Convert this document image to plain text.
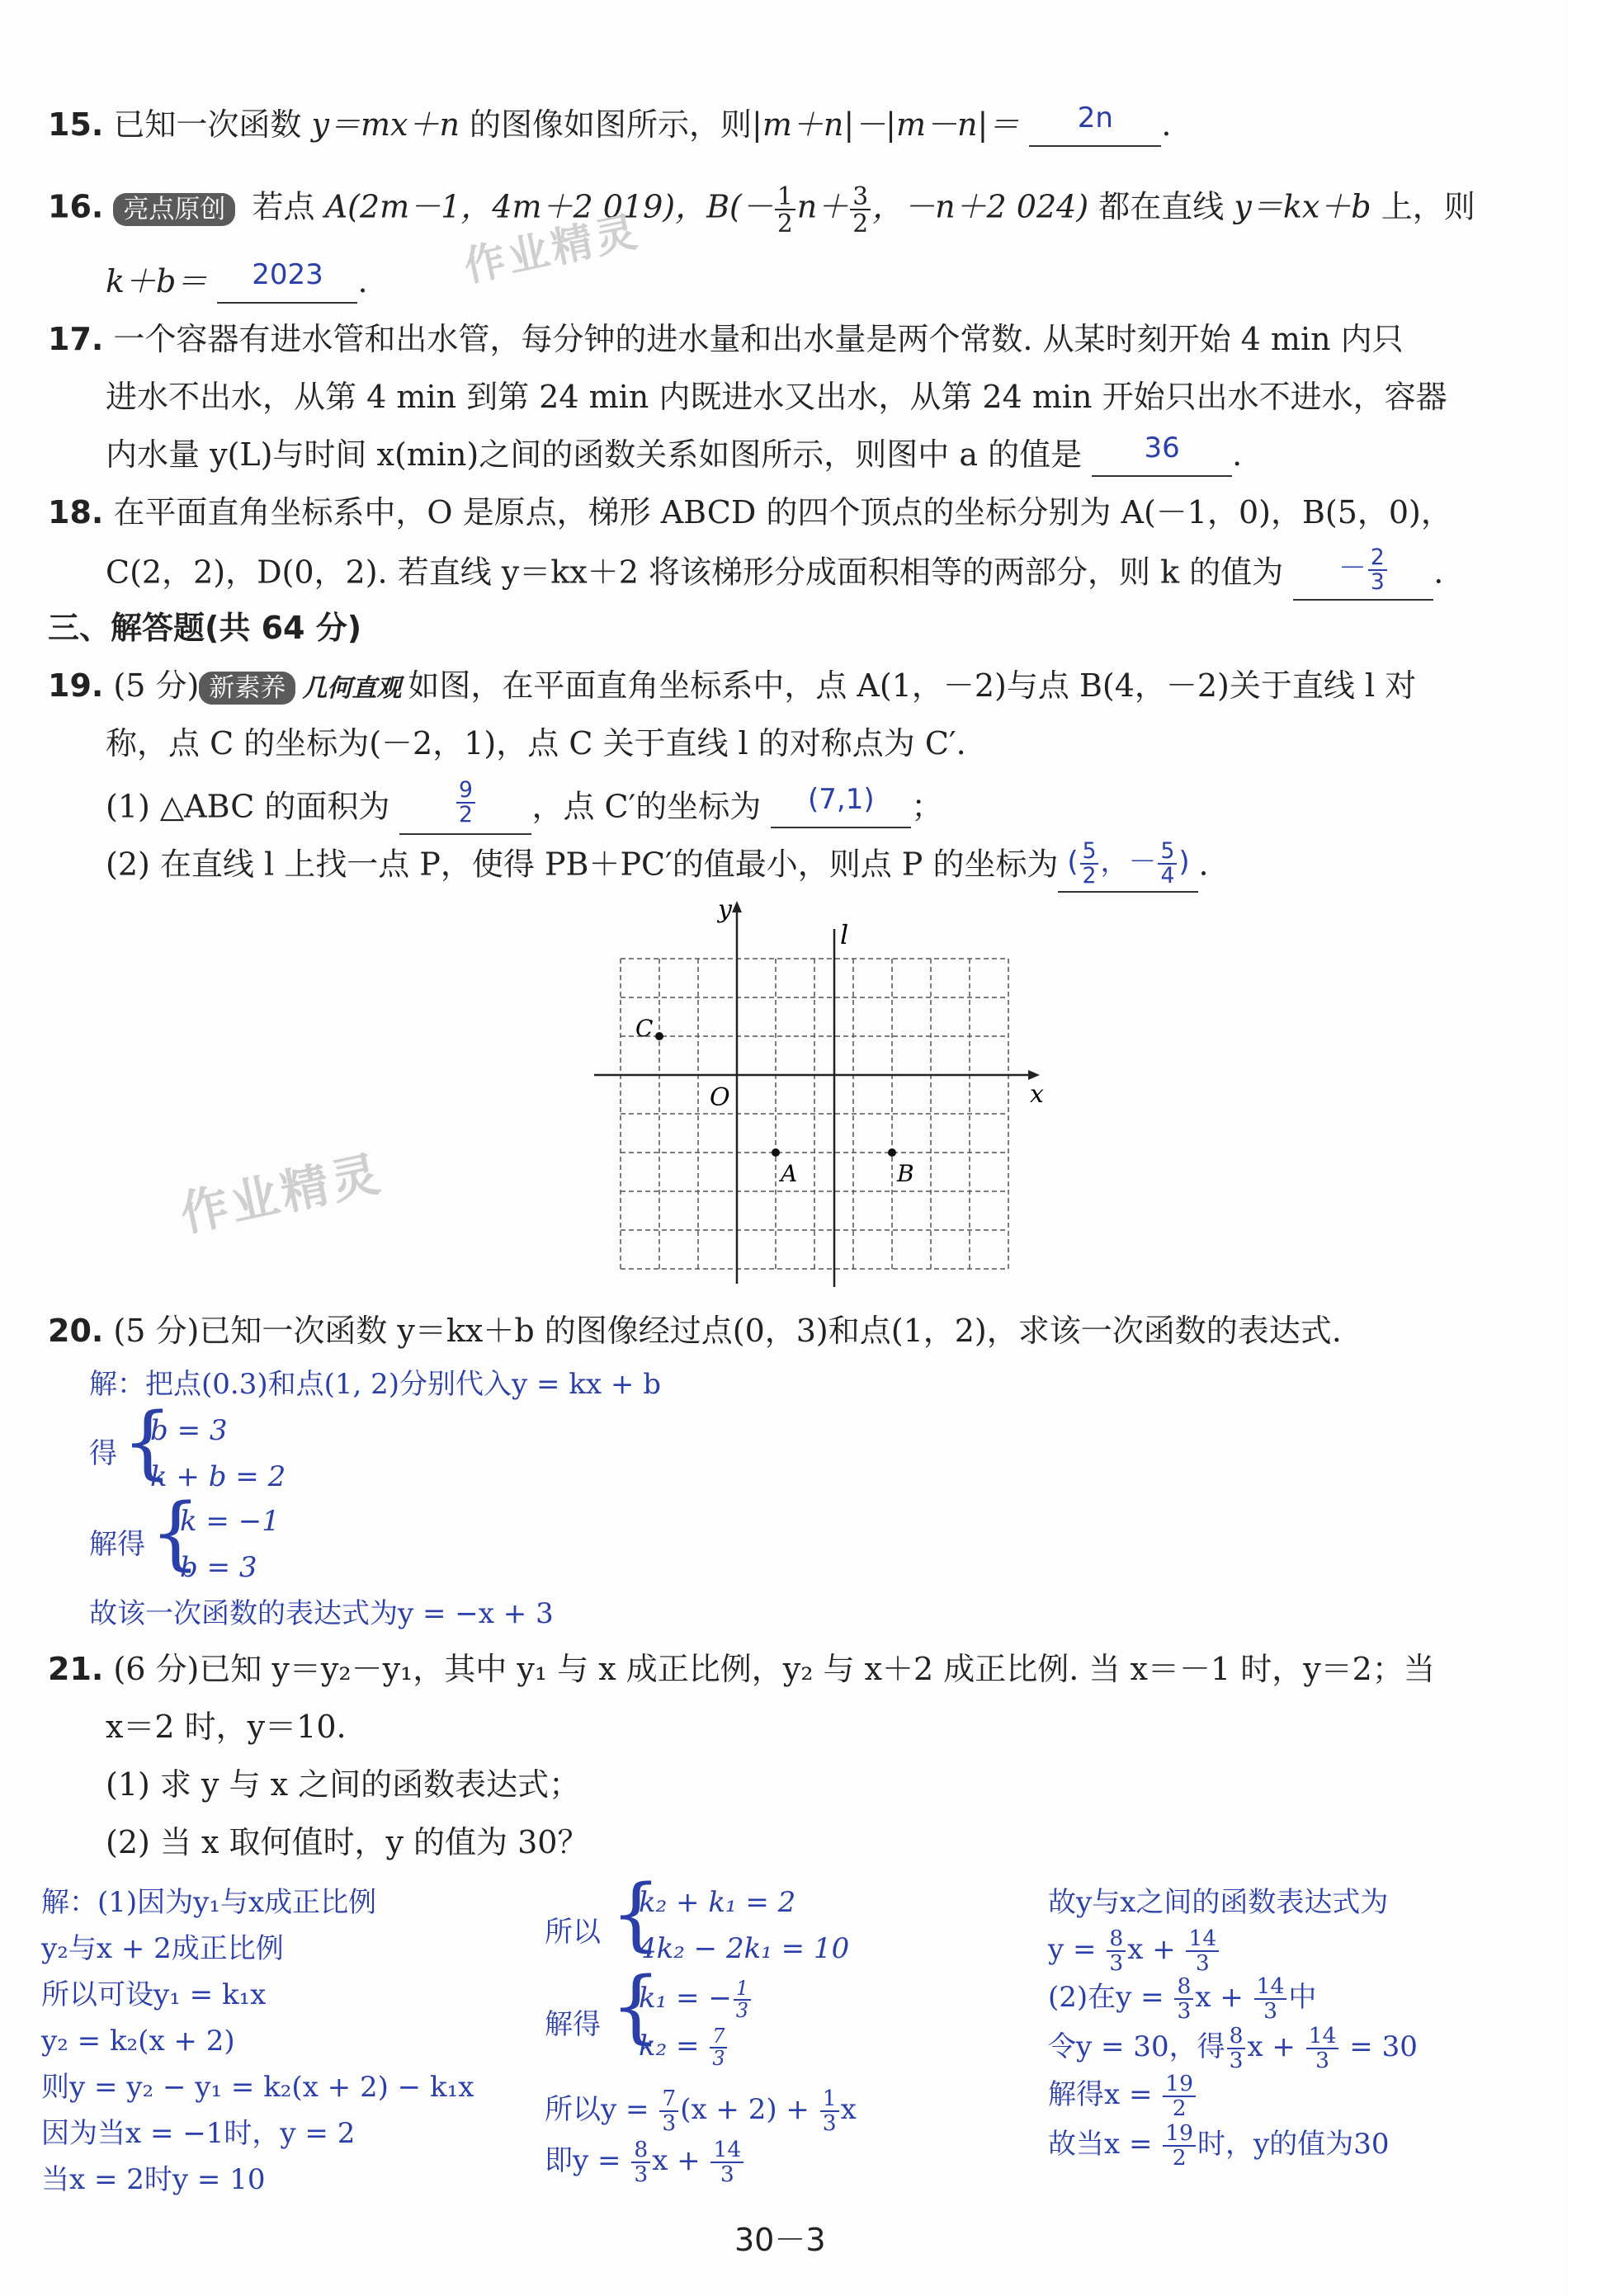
15. 已知一次函数 y＝mx＋n 的图像如图所示，则|m＋n|－|m－n|＝ 2n .
16. 亮点原创 若点 A(2m－1，4m＋2 019)，$B(- \frac{1}{2} n+ \frac{3}{2}$ ，－n＋2 024) 都在直线 y＝kx＋b 上，则
k＋b＝ 2023 .
17. 一个容器有进水管和出水管，每分钟的进水量和出水量是两个常数. 从某时刻开始 4 min 内只
进水不出水，从第 4 min 到第 24 min 内既进水又出水，从第 24 min 开始只出水不进水，容器
内水量 y(L)与时间 x(min)之间的函数关系如图所示，则图中 a 的值是 36 .
18. 在平面直角坐标系中，O 是原点，梯形 ABCD 的四个顶点的坐标分别为 A(－1，0)，B(5，0)，
C(2，2)，D(0，2). 若直线 y＝kx＋2 将该梯形分成面积相等的两部分，则 k 的值为 － $\frac{2}{3}$ .
三、解答题(共 64 分)
19. (5 分) 新素养 几何直观 如图，在平面直角坐标系中，点 A(1，－2)与点 B(4，－2)关于直线 l 对
称，点 C 的坐标为(－2，1)，点 C 关于直线 l 的对称点为 C′.
(1) △ABC 的面积为	$\frac{9}{2}$ ，点 C′的坐标为 (7,1) ；
(2) 在直线 l 上找一点 P，使得 PB＋PC′的值最小，则点 P 的坐标为 ( $\frac{5}{2}$ ，－ $\frac{5}{4}$ ) .
y
x
l
O
A	B
C
作业精灵
作业精灵
20. (5 分)已知一次函数 y＝kx＋b 的图像经过点(0，3)和点(1，2)，求该一次函数的表达式.
解：把点(0.3)和点(1, 2)分别代入y = kx + b
得 {
b = 3
k + b = 2
解得 {
k = −1
b = 3
故该一次函数的表达式为y = −x + 3
21. (6 分)已知 y＝y₂－y₁，其中 y₁ 与 x 成正比例，y₂ 与 x＋2 成正比例. 当 x＝－1 时，y＝2；当
x＝2 时，y＝10.
(1) 求 y 与 x 之间的函数表达式；
(2) 当 x 取何值时，y 的值为 30？
解：(1)因为y₁与x成正比例
y₂与x + 2成正比例
所以可设y₁ = k₁x
y₂ = k₂(x + 2)
则y = y₂ − y₁ = k₂(x + 2) − k₁x
因为当x = −1时，y = 2
当x = 2时y = 10
所以 {
k₂ + k₁ = 2
4k₂ − 2k₁ = 10
解得 {
k₁ = − $\frac{1}{3}$
$k_2 = \frac{7}{3}$
所以$y = \frac{7}{3} (x + 2) + \frac{1}{3}$ x
即$y = \frac{8}{3}$ $x + \frac{14}{3}$
故y与x之间的函数表达式为
$y = \frac{8}{3}$ $x + \frac{14}{3}$
(2)在$y = \frac{8}{3}$ $x + \frac{14}{3}$ 中
令y = 30，得 $\frac{8}{3}$ $x + \frac{14}{3} = 30$
解得$x = \frac{19}{2}$
故当$x = \frac{19}{2}$ 时，y的值为30
30－3
